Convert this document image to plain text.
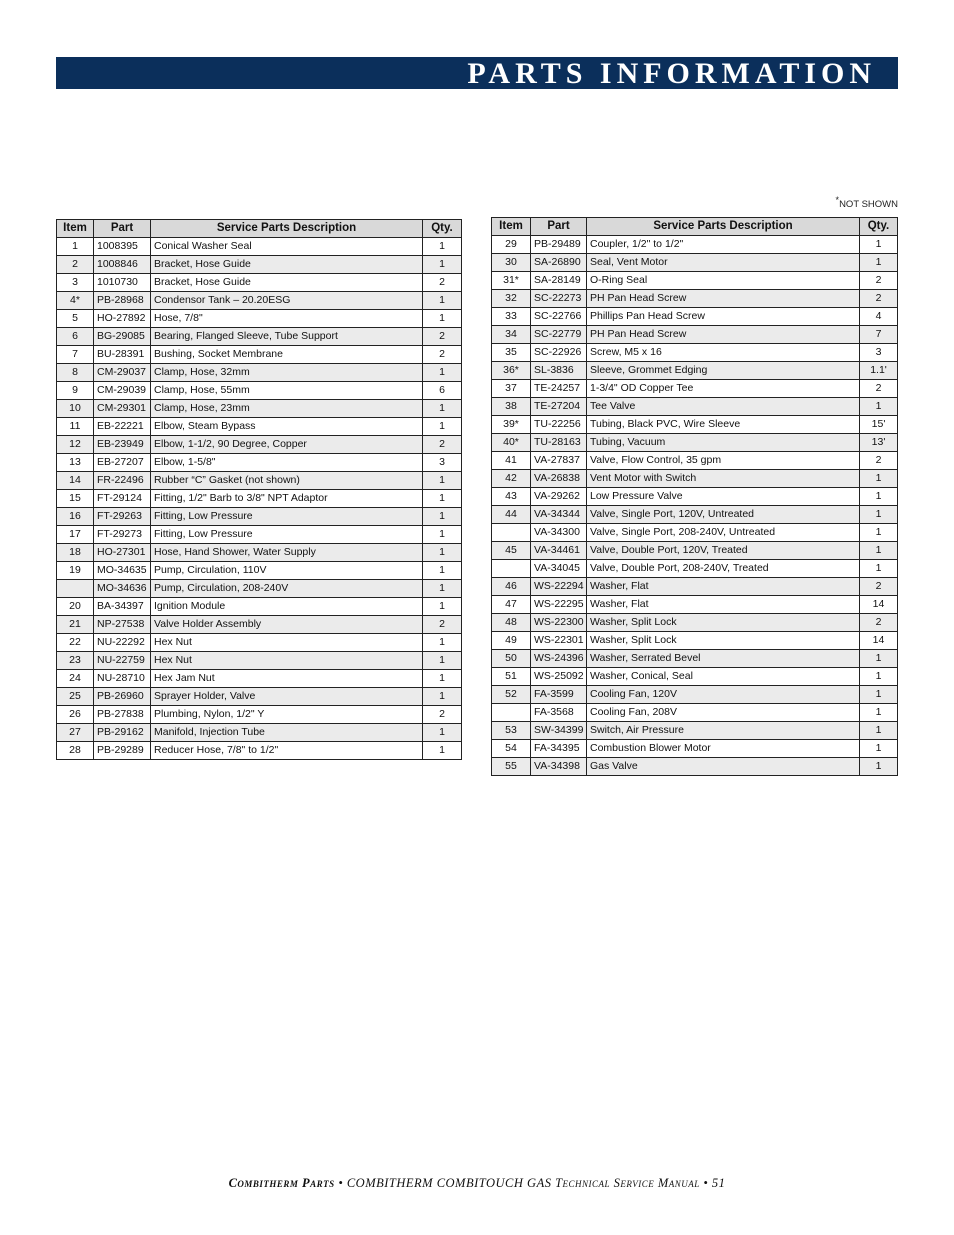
PARTS INFORMATION
*NOT SHOWN
Item	Part	Service Parts Description	Qty.
1	1008395	Conical Washer Seal	1
2	1008846	Bracket, Hose Guide	1
3	1010730	Bracket, Hose Guide	2
4*	PB-28968	Condensor Tank – 20.20ESG	1
5	HO-27892	Hose, 7/8"	1
6	BG-29085	Bearing, Flanged Sleeve, Tube Support	2
7	BU-28391	Bushing, Socket Membrane	2
8	CM-29037	Clamp, Hose, 32mm	1
9	CM-29039	Clamp, Hose, 55mm	6
10	CM-29301	Clamp, Hose, 23mm	1
11	EB-22221	Elbow, Steam Bypass	1
12	EB-23949	Elbow, 1-1/2, 90 Degree, Copper	2
13	EB-27207	Elbow, 1-5/8"	3
14	FR-22496	Rubber “C” Gasket (not shown)	1
15	FT-29124	Fitting, 1/2" Barb to 3/8" NPT Adaptor	1
16	FT-29263	Fitting, Low Pressure	1
17	FT-29273	Fitting, Low Pressure	1
18	HO-27301	Hose, Hand Shower, Water Supply	1
19	MO-34635	Pump, Circulation, 110V	1
	MO-34636	Pump, Circulation, 208-240V	1
20	BA-34397	Ignition Module	1
21	NP-27538	Valve Holder Assembly	2
22	NU-22292	Hex Nut	1
23	NU-22759	Hex Nut	1
24	NU-28710	Hex Jam Nut	1
25	PB-26960	Sprayer Holder, Valve	1
26	PB-27838	Plumbing, Nylon, 1/2" Y	2
27	PB-29162	Manifold, Injection Tube	1
28	PB-29289	Reducer Hose, 7/8" to 1/2"	1
Item	Part	Service Parts Description	Qty.
29	PB-29489	Coupler, 1/2" to 1/2"	1
30	SA-26890	Seal, Vent Motor	1
31*	SA-28149	O-Ring Seal	2
32	SC-22273	PH Pan Head Screw	2
33	SC-22766	Phillips Pan Head Screw	4
34	SC-22779	PH Pan Head Screw	7
35	SC-22926	Screw, M5 x 16	3
36*	SL-3836	Sleeve, Grommet Edging	1.1'
37	TE-24257	1-3/4" OD Copper Tee	2
38	TE-27204	Tee Valve	1
39*	TU-22256	Tubing, Black PVC, Wire Sleeve	15'
40*	TU-28163	Tubing, Vacuum	13'
41	VA-27837	Valve, Flow Control, 35 gpm	2
42	VA-26838	Vent Motor with Switch	1
43	VA-29262	Low Pressure Valve	1
44	VA-34344	Valve, Single Port, 120V, Untreated	1
	VA-34300	Valve, Single Port, 208-240V, Untreated	1
45	VA-34461	Valve, Double Port, 120V, Treated	1
	VA-34045	Valve, Double Port, 208-240V, Treated	1
46	WS-22294	Washer, Flat	2
47	WS-22295	Washer, Flat	14
48	WS-22300	Washer, Split Lock	2
49	WS-22301	Washer, Split Lock	14
50	WS-24396	Washer, Serrated Bevel	1
51	WS-25092	Washer, Conical, Seal	1
52	FA-3599	Cooling Fan, 120V	1
	FA-3568	Cooling Fan, 208V	1
53	SW-34399	Switch, Air Pressure	1
54	FA-34395	Combustion Blower Motor	1
55	VA-34398	Gas Valve	1
Combitherm Parts • COMBITHERM COMBITOUCH GAS Technical Service Manual • 51
